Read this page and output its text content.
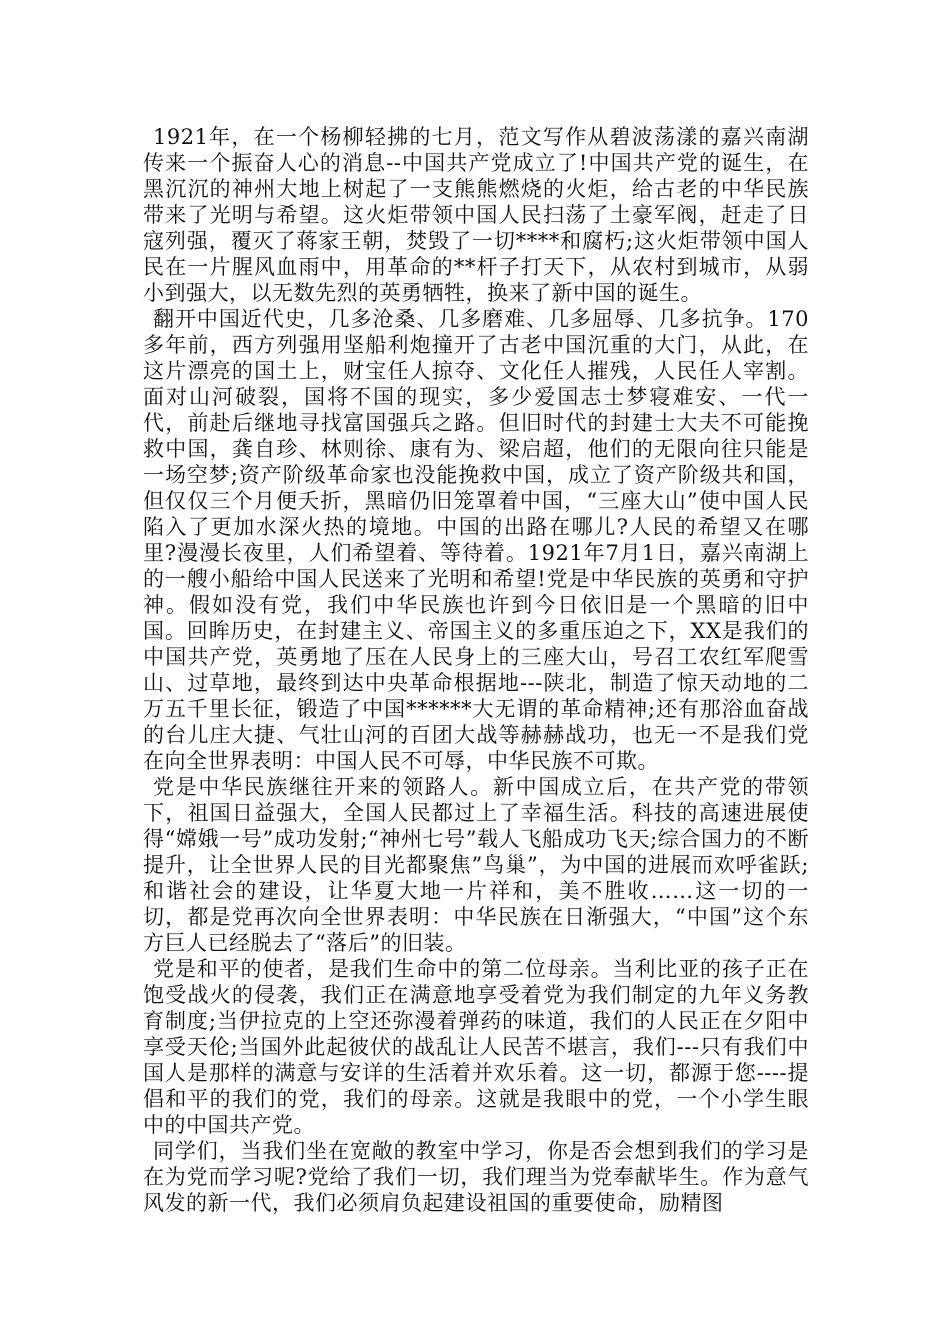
1921年，在一个杨柳轻拂的七月，范文写作从碧波荡漾的嘉兴南湖传来一个振奋人心的消息--中国共产党成立了!中国共产党的诞生，在黑沉沉的神州大地上树起了一支熊熊燃烧的火炬，给古老的中华民族带来了光明与希望。这火炬带领中国人民扫荡了土豪军阀，赶走了日寇列强，覆灭了蒋家王朝，焚毁了一切****和腐朽;这火炬带领中国人民在一片腥风血雨中，用革命的**杆子打天下，从农村到城市，从弱小到强大，以无数先烈的英勇牺牲，换来了新中国的诞生。

翻开中国近代史，几多沧桑、几多磨难、几多屈辱、几多抗争。170多年前，西方列强用坚船利炮撞开了古老中国沉重的大门，从此，在这片漂亮的国土上，财宝任人掠夺、文化任人摧残，人民任人宰割。面对山河破裂，国将不国的现实，多少爱国志士梦寝难安、一代一代，前赴后继地寻找富国强兵之路。但旧时代的封建士大夫不可能挽救中国，龚自珍、林则徐、康有为、梁启超，他们的无限向往只能是一场空梦;资产阶级革命家也没能挽救中国，成立了资产阶级共和国，但仅仅三个月便夭折，黑暗仍旧笼罩着中国，“三座大山”使中国人民陷入了更加水深火热的境地。中国的出路在哪儿?人民的希望又在哪里?漫漫长夜里，人们希望着、等待着。1921年7月1日，嘉兴南湖上的一艘小船给中国人民送来了光明和希望!党是中华民族的英勇和守护神。假如没有党，我们中华民族也许到今日依旧是一个黑暗的旧中国。回眸历史，在封建主义、帝国主义的多重压迫之下，XX是我们的中国共产党，英勇地了压在人民身上的三座大山，号召工农红军爬雪山、过草地，最终到达中央革命根据地---陕北，制造了惊天动地的二万五千里长征，锻造了中国******大无谓的革命精神;还有那浴血奋战的台儿庄大捷、气壮山河的百团大战等赫赫战功，也无一不是我们党在向全世界表明：中国人民不可辱，中华民族不可欺。

党是中华民族继往开来的领路人。新中国成立后，在共产党的带领下，祖国日益强大，全国人民都过上了幸福生活。科技的高速进展使得“嫦娥一号”成功发射;“神州七号”载人飞船成功飞天;综合国力的不断提升，让全世界人民的目光都聚焦”鸟巢”，为中国的进展而欢呼雀跃;和谐社会的建设，让华夏大地一片祥和，美不胜收……这一切的一切，都是党再次向全世界表明：中华民族在日渐强大，“中国”这个东方巨人已经脱去了“落后”的旧装。

党是和平的使者，是我们生命中的第二位母亲。当利比亚的孩子正在饱受战火的侵袭，我们正在满意地享受着党为我们制定的九年义务教育制度;当伊拉克的上空还弥漫着弹药的味道，我们的人民正在夕阳中享受天伦;当国外此起彼伏的战乱让人民苦不堪言，我们---只有我们中国人是那样的满意与安详的生活着并欢乐着。这一切，都源于您----提倡和平的我们的党，我们的母亲。这就是我眼中的党，一个小学生眼中的中国共产党。

同学们，当我们坐在宽敞的教室中学习，你是否会想到我们的学习是在为党而学习呢?党给了我们一切，我们理当为党奉献毕生。作为意气风发的新一代，我们必须肩负起建设祖国的重要使命，励精图
